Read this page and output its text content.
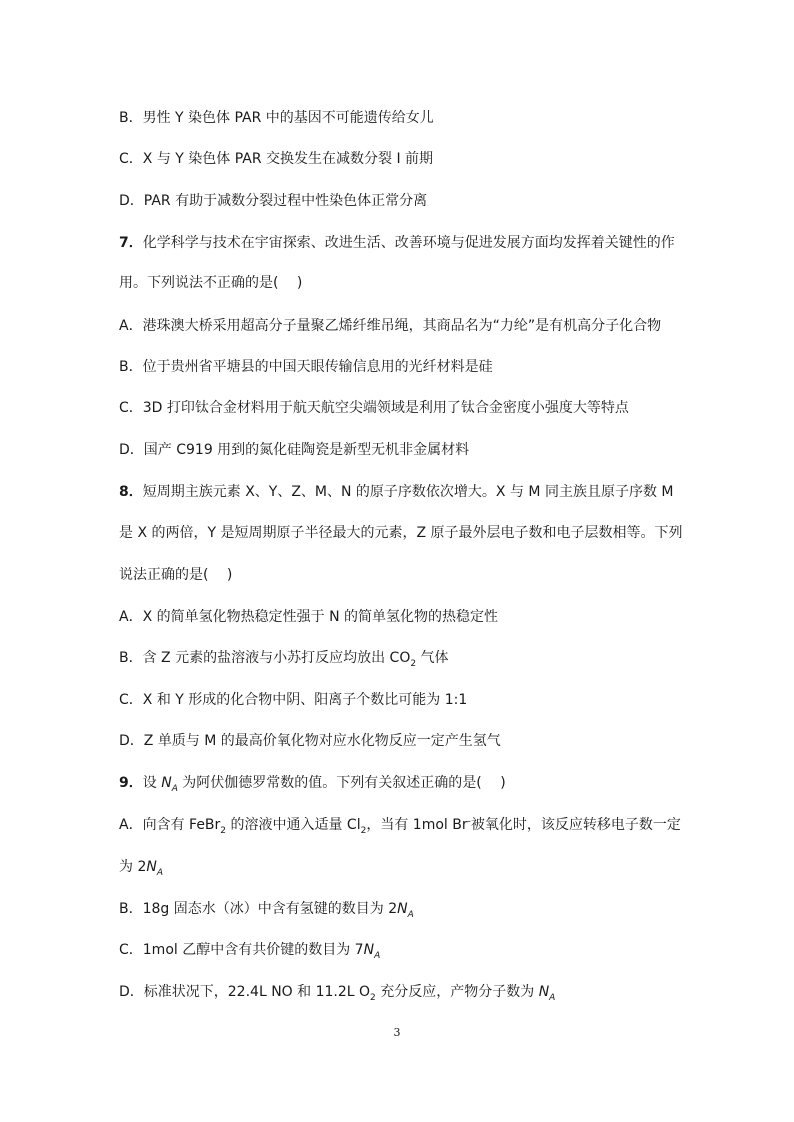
B．男性 Y 染色体 PAR 中的基因不可能遗传给女儿
C．X 与 Y 染色体 PAR 交换发生在减数分裂 Ⅰ 前期
D．PAR 有助于减数分裂过程中性染色体正常分离
7．化学科学与技术在宇宙探索、改进生活、改善环境与促进发展方面均发挥着关键性的作
用。下列说法不正确的是(　 )
A．港珠澳大桥采用超高分子量聚乙烯纤维吊绳，其商品名为“力纶”是有机高分子化合物
B．位于贵州省平塘县的中国天眼传输信息用的光纤材料是硅
C．3D 打印钛合金材料用于航天航空尖端领域是利用了钛合金密度小强度大等特点
D．国产 C919 用到的氮化硅陶瓷是新型无机非金属材料
8．短周期主族元素 X、Y、Z、M、N 的原子序数依次增大。X 与 M 同主族且原子序数 M
是 X 的两倍，Y 是短周期原子半径最大的元素，Z 原子最外层电子数和电子层数相等。下列
说法正确的是(　 )
A．X 的简单氢化物热稳定性强于 N 的简单氢化物的热稳定性
B．含 Z 元素的盐溶液与小苏打反应均放出 $CO_2$ 气体
C．X 和 Y 形成的化合物中阴、阳离子个数比可能为 1:1
D．Z 单质与 M 的最高价氧化物对应水化物反应一定产生氢气
9．设 $N_A$ 为阿伏伽德罗常数的值。下列有关叙述正确的是(　 )
A．向含有 FeBr$_2$ 的溶液中通入适量 $Cl_2$，当有 1mol Br-被氧化时，该反应转移电子数一定
为 $2N_A$
B．18g 固态水（冰）中含有氢键的数目为 $2N_A$
C．1mol 乙醇中含有共价键的数目为 $7N_A$
D．标准状况下，22.4L NO 和 11.2L $O_2$ 充分反应，产物分子数为 $N_A$
3
